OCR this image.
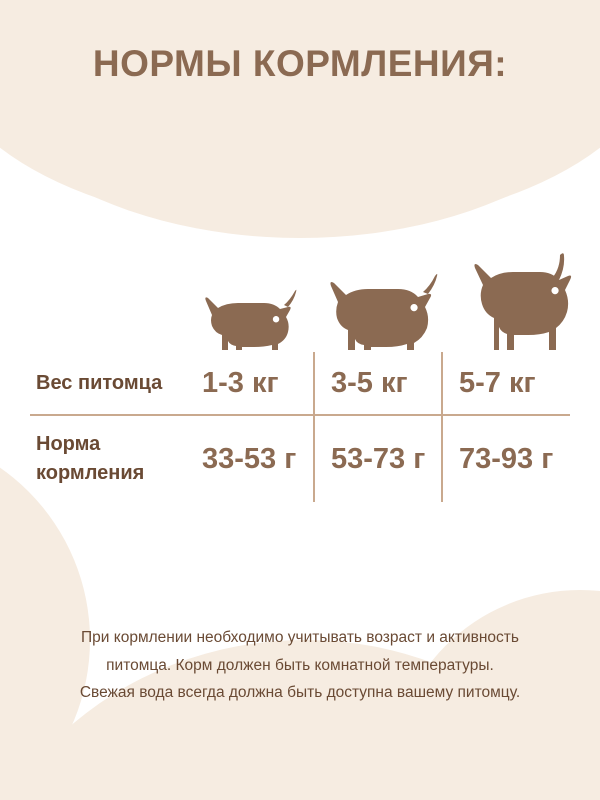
НОРМЫ КОРМЛЕНИЯ:
Вес питомца	1-3 кг	3-5 кг	5-7 кг
Норма кормления	33-53 г	53-73 г	73-93 г
При кормлении необходимо учитывать возраст и активность
питомца. Корм должен быть комнатной температуры.
Свежая вода всегда должна быть доступна вашему питомцу.
